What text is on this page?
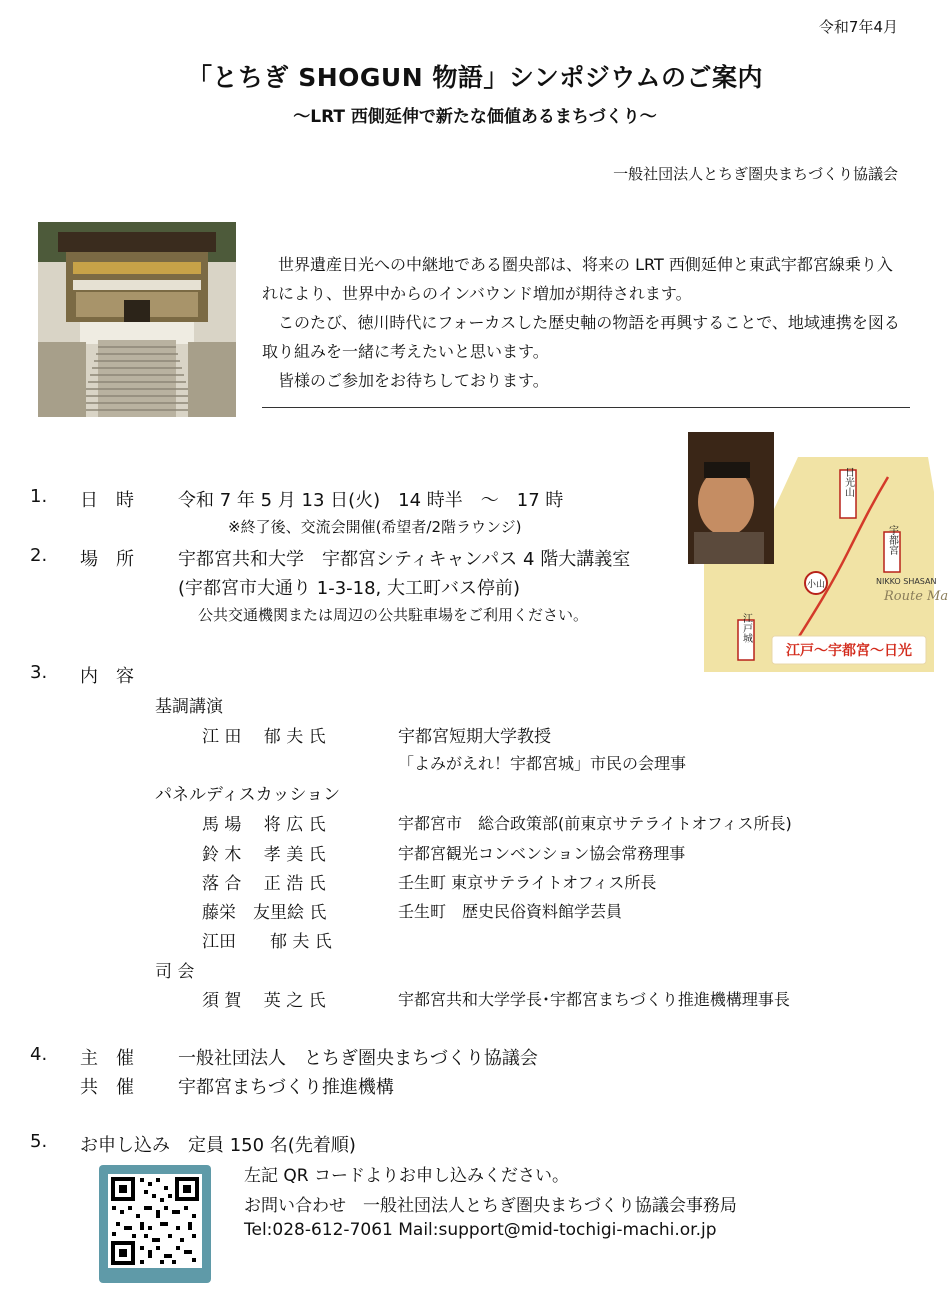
令和7年4月
「とちぎ SHOGUN 物語」シンポジウムのご案内
～LRT 西側延伸で新たな価値あるまちづくり～
一般社団法人とちぎ圏央まちづくり協議会

世界遺産日光への中継地である圏央部は、将来の LRT 西側延伸と東武宇都宮線乗り入れにより、世界中からのインバウンド増加が期待されます。

このたび、徳川時代にフォーカスした歴史軸の物語を再興することで、地域連携を図る取り組みを一緒に考えたいと思います。

皆様のご参加をお待ちしております。

日光山
宇都宮
小山
江戸城
NIKKO SHASAN
Route Ma
江戸～宇都宮～日光
1. 日　時 令和 7 年 5 月 13 日(火)　14 時半　～　17 時
※終了後、交流会開催(希望者/2階ラウンジ)
2. 場　所 宇都宮共和大学　宇都宮シティキャンパス 4 階大講義室
(宇都宮市大通り 1-3-18, 大工町バス停前)
公共交通機関または周辺の公共駐車場をご利用ください。
3. 内　容
基調講演
江 田　 郁 夫 氏	宇都宮短期大学教授
「よみがえれ！宇都宮城」市民の会理事
パネルディスカッション
馬 場　 将 広 氏	宇都宮市　総合政策部(前東京サテライトオフィス所長)
鈴 木　 孝 美 氏	宇都宮観光コンベンション協会常務理事
落 合　 正 浩 氏	壬生町 東京サテライトオフィス所長
藤栄　友里絵 氏	壬生町　歴史民俗資料館学芸員
江田　　郁 夫 氏
司 会
須 賀　 英 之 氏	宇都宮共和大学学長･宇都宮まちづくり推進機構理事長
4. 主　催 一般社団法人　とちぎ圏央まちづくり協議会
共　催 宇都宮まちづくり推進機構
5. お申し込み　定員 150 名(先着順)
左記 QR コードよりお申し込みください。
お問い合わせ　一般社団法人とちぎ圏央まちづくり協議会事務局
Tel:028-612-7061 Mail:support@mid-tochigi-machi.or.jp
